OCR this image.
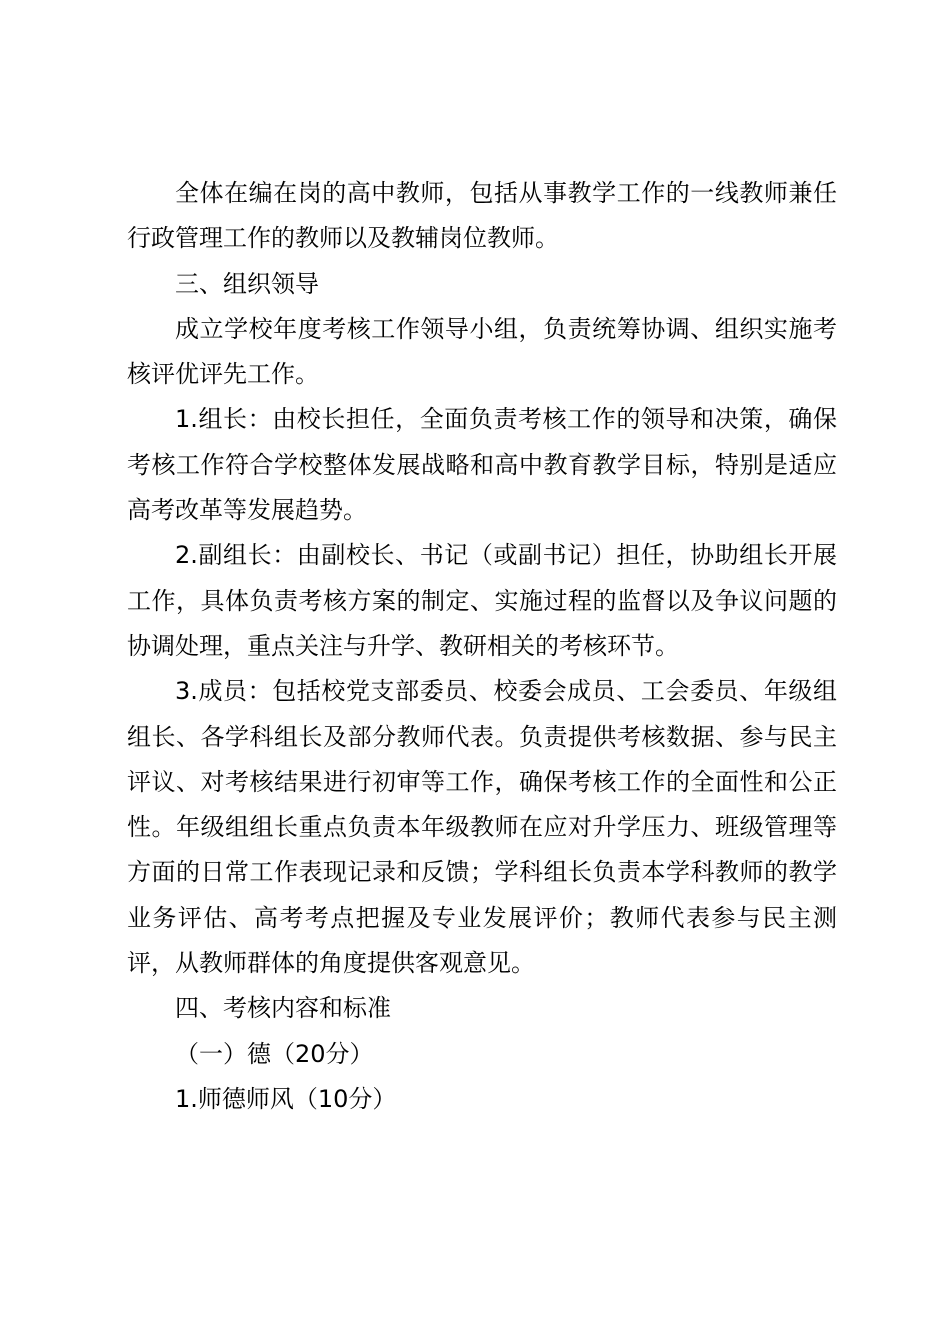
全体在编在岗的高中教师，包括从事教学工作的一线教师兼任行政管理工作的教师以及教辅岗位教师。

三、组织领导

成立学校年度考核工作领导小组，负责统筹协调、组织实施考核评优评先工作。

1.组长：由校长担任，全面负责考核工作的领导和决策，确保考核工作符合学校整体发展战略和高中教育教学目标，特别是适应高考改革等发展趋势。

2.副组长：由副校长、书记（或副书记）担任，协助组长开展工作，具体负责考核方案的制定、实施过程的监督以及争议问题的协调处理，重点关注与升学、教研相关的考核环节。

3.成员：包括校党支部委员、校委会成员、工会委员、年级组组长、各学科组长及部分教师代表。负责提供考核数据、参与民主评议、对考核结果进行初审等工作，确保考核工作的全面性和公正性。年级组组长重点负责本年级教师在应对升学压力、班级管理等方面的日常工作表现记录和反馈；学科组长负责本学科教师的教学业务评估、高考考点把握及专业发展评价；教师代表参与民主测评，从教师群体的角度提供客观意见。

四、考核内容和标准

（一）德（20分）

1.师德师风（10分）
